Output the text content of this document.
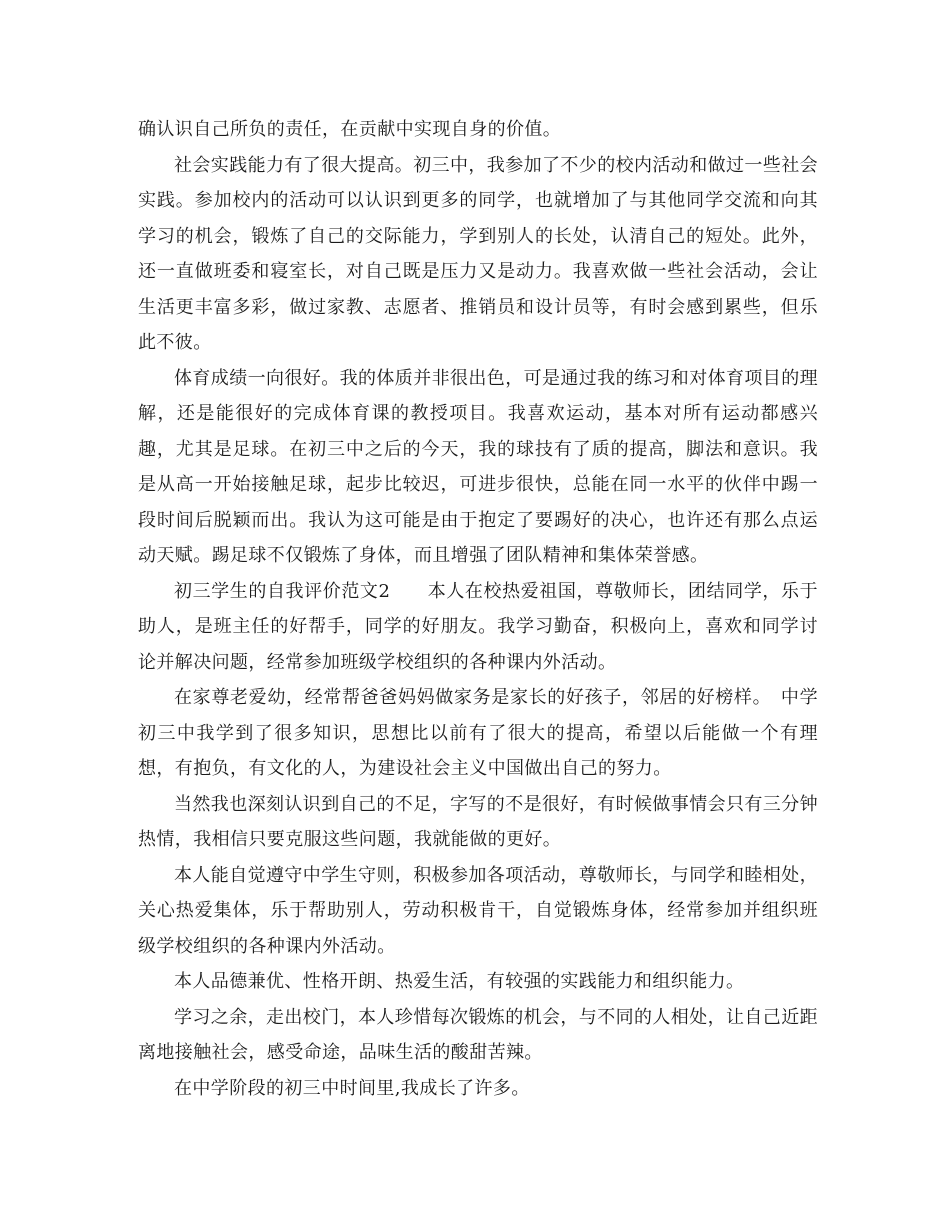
确认识自己所负的责任，在贡献中实现自身的价值。

社会实践能力有了很大提高。初三中，我参加了不少的校内活动和做过一些社会实践。参加校内的活动可以认识到更多的同学，也就增加了与其他同学交流和向其学习的机会，锻炼了自己的交际能力，学到别人的长处，认清自己的短处。此外，还一直做班委和寝室长，对自己既是压力又是动力。我喜欢做一些社会活动，会让生活更丰富多彩，做过家教、志愿者、推销员和设计员等，有时会感到累些，但乐此不彼。

体育成绩一向很好。我的体质并非很出色，可是通过我的练习和对体育项目的理解，还是能很好的完成体育课的教授项目。我喜欢运动，基本对所有运动都感兴趣，尤其是足球。在初三中之后的今天，我的球技有了质的提高，脚法和意识。我是从高一开始接触足球，起步比较迟，可进步很快，总能在同一水平的伙伴中踢一段时间后脱颖而出。我认为这可能是由于抱定了要踢好的决心，也许还有那么点运动天赋。踢足球不仅锻炼了身体，而且增强了团队精神和集体荣誉感。

初三学生的自我评价范文2　　本人在校热爱祖国，尊敬师长，团结同学，乐于助人，是班主任的好帮手，同学的好朋友。我学习勤奋，积极向上，喜欢和同学讨论并解决问题，经常参加班级学校组织的各种课内外活动。

在家尊老爱幼，经常帮爸爸妈妈做家务是家长的好孩子，邻居的好榜样。　中学初三中我学到了很多知识，思想比以前有了很大的提高，希望以后能做一个有理想，有抱负，有文化的人，为建设社会主义中国做出自己的努力。

当然我也深刻认识到自己的不足，字写的不是很好，有时候做事情会只有三分钟热情，我相信只要克服这些问题，我就能做的更好。

本人能自觉遵守中学生守则，积极参加各项活动，尊敬师长，与同学和睦相处，关心热爱集体，乐于帮助别人，劳动积极肯干，自觉锻炼身体，经常参加并组织班级学校组织的各种课内外活动。

本人品德兼优、性格开朗、热爱生活，有较强的实践能力和组织能力。

学习之余，走出校门，本人珍惜每次锻炼的机会，与不同的人相处，让自己近距离地接触社会，感受命途，品味生活的酸甜苦辣。

在中学阶段的初三中时间里,我成长了许多。
